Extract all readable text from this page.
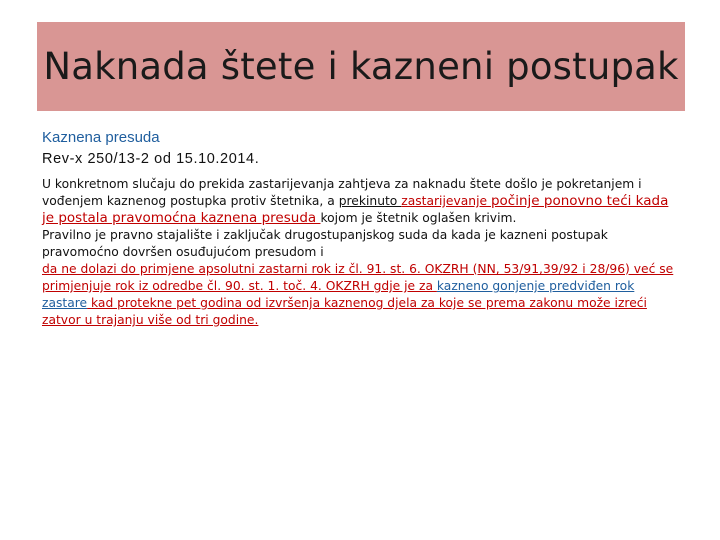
Naknada štete i kazneni postupak

Kaznena presuda

Rev-x 250/13-2 od 15.10.2014.

U konkretnom slučaju do prekida zastarijevanja zahtjeva za naknadu štete došlo je pokretanjem i vođenjem kaznenog postupka protiv štetnika, a prekinuto zastarijevanje počinje ponovno teći kada je postala pravomoćna kaznena presuda kojom je štetnik oglašen krivim.

Pravilno je pravno stajalište i zaključak drugostupanjskog suda da kada je kazneni postupak pravomoćno dovršen osuđujućom presudom i
da ne dolazi do primjene apsolutni zastarni rok iz čl. 91. st. 6. OKZRH (NN, 53/91,39/92 i 28/96) već se primjenjuje rok iz odredbe čl. 90. st. 1. toč. 4. OKZRH gdje je za kazneno gonjenje predviđen rok zastare kad protekne pet godina od izvršenja kaznenog djela za koje se prema zakonu može izreći zatvor u trajanju više od tri godine.
